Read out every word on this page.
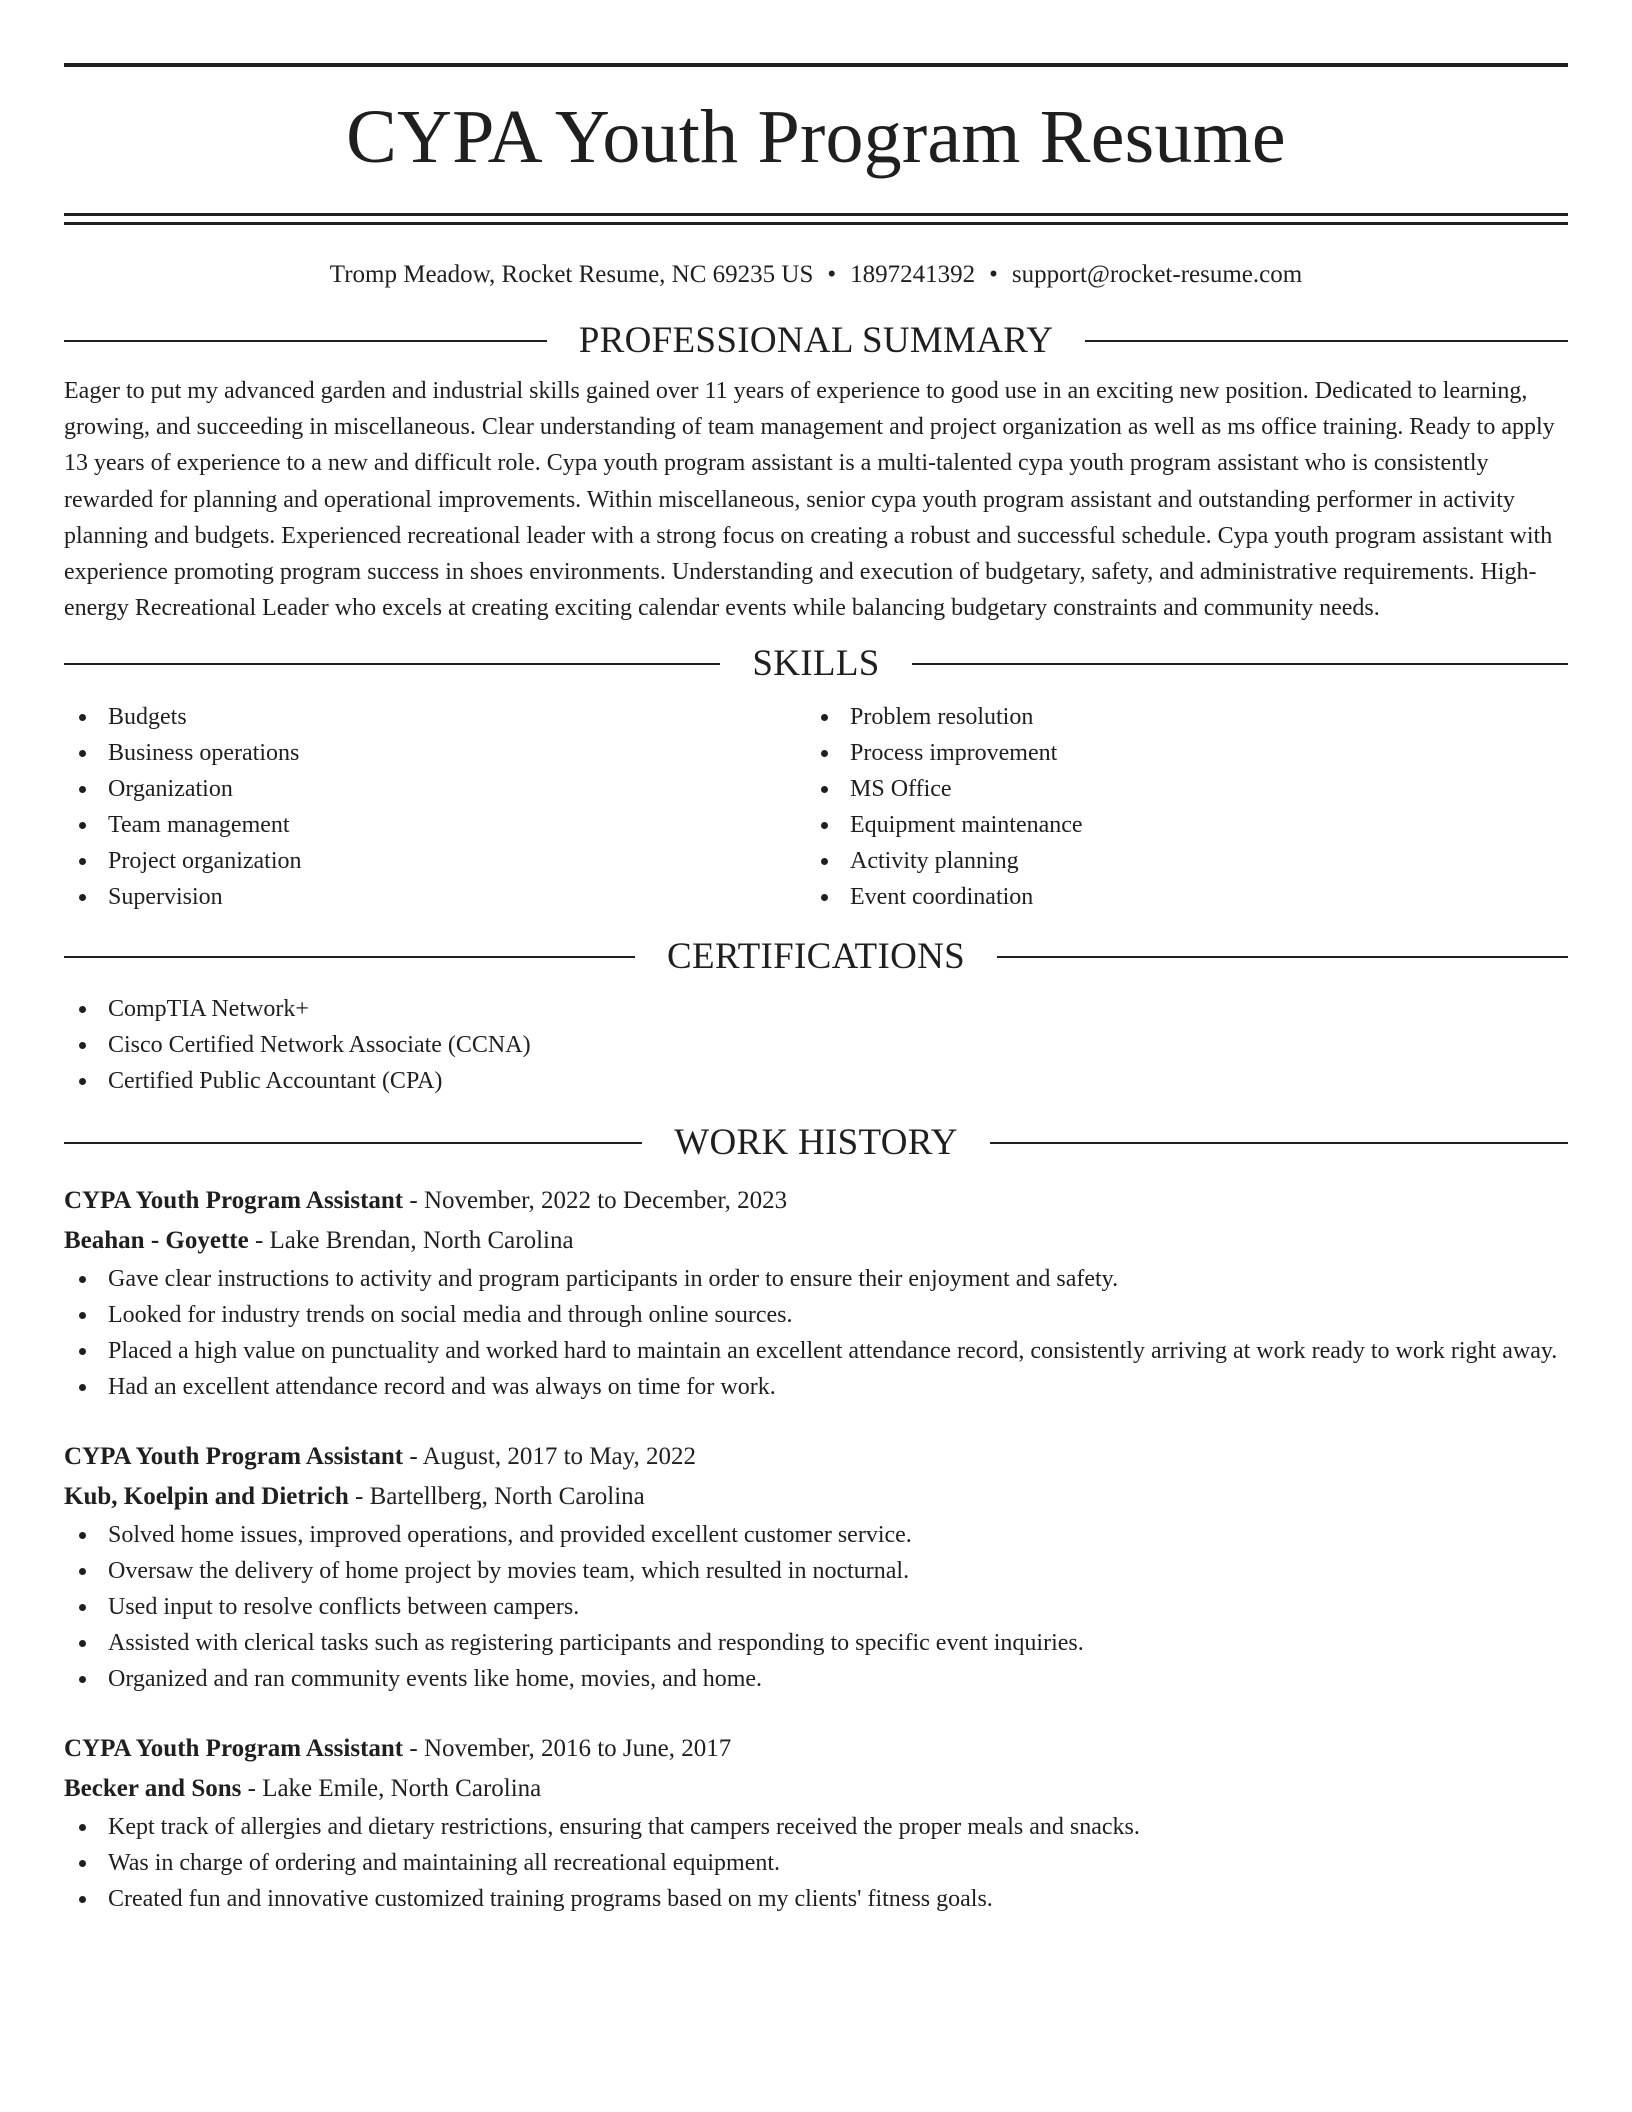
CYPA Youth Program Resume
Tromp Meadow, Rocket Resume, NC 69235 US • 1897241392 • support@rocket-resume.com
PROFESSIONAL SUMMARY

Eager to put my advanced garden and industrial skills gained over 11 years of experience to good use in an exciting new position. Dedicated to learning, growing, and succeeding in miscellaneous. Clear understanding of team management and project organization as well as ms office training. Ready to apply 13 years of experience to a new and difficult role. Cypa youth program assistant is a multi-talented cypa youth program assistant who is consistently rewarded for planning and operational improvements. Within miscellaneous, senior cypa youth program assistant and outstanding performer in activity planning and budgets. Experienced recreational leader with a strong focus on creating a robust and successful schedule. Cypa youth program assistant with experience promoting program success in shoes environments. Understanding and execution of budgetary, safety, and administrative requirements. High-energy Recreational Leader who excels at creating exciting calendar events while balancing budgetary constraints and community needs.

SKILLS
Budgets
Business operations
Organization
Team management
Project organization
Supervision
Problem resolution
Process improvement
MS Office
Equipment maintenance
Activity planning
Event coordination
CERTIFICATIONS
CompTIA Network+
Cisco Certified Network Associate (CCNA)
Certified Public Accountant (CPA)
WORK HISTORY
CYPA Youth Program Assistant - November, 2022 to December, 2023
Beahan - Goyette - Lake Brendan, North Carolina
Gave clear instructions to activity and program participants in order to ensure their enjoyment and safety.
Looked for industry trends on social media and through online sources.
Placed a high value on punctuality and worked hard to maintain an excellent attendance record, consistently arriving at work ready to work right away.
Had an excellent attendance record and was always on time for work.
CYPA Youth Program Assistant - August, 2017 to May, 2022
Kub, Koelpin and Dietrich - Bartellberg, North Carolina
Solved home issues, improved operations, and provided excellent customer service.
Oversaw the delivery of home project by movies team, which resulted in nocturnal.
Used input to resolve conflicts between campers.
Assisted with clerical tasks such as registering participants and responding to specific event inquiries.
Organized and ran community events like home, movies, and home.
CYPA Youth Program Assistant - November, 2016 to June, 2017
Becker and Sons - Lake Emile, North Carolina
Kept track of allergies and dietary restrictions, ensuring that campers received the proper meals and snacks.
Was in charge of ordering and maintaining all recreational equipment.
Created fun and innovative customized training programs based on my clients' fitness goals.
